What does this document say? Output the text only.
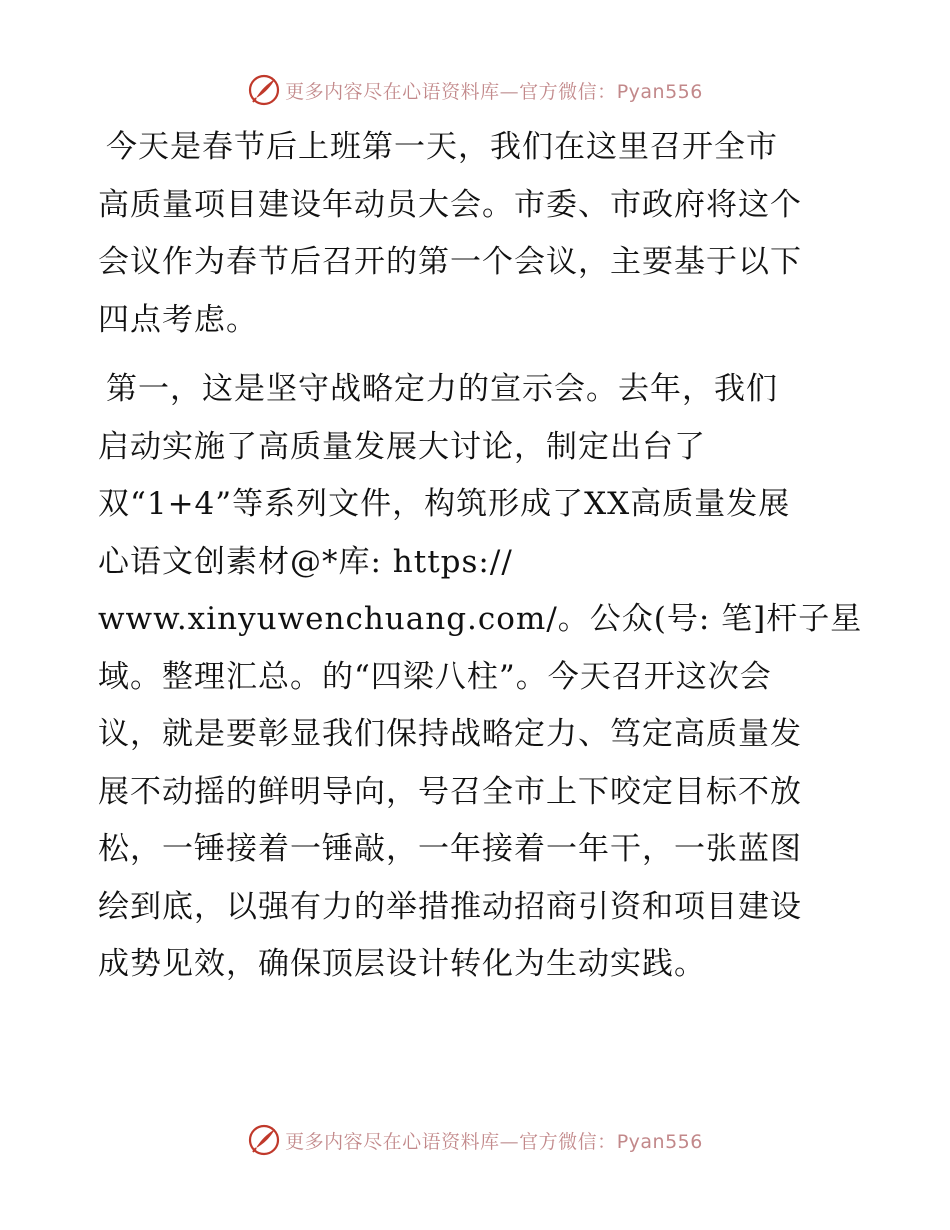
更多内容尽在心语资料库—官方微信：Pyan556

今天是春节后上班第一天，我们在这里召开全市
高质量项目建设年动员大会。市委、市政府将这个
会议作为春节后召开的第一个会议，主要基于以下
四点考虑。

第一，这是坚守战略定力的宣示会。去年，我们
启动实施了高质量发展大讨论，制定出台了
双“1+4”等系列文件，构筑形成了XX高质量发展
心语文创素材@*库: https://
www.xinyuwenchuang.com/。公众(号: 笔]杆子星
域。整理汇总。的“四梁八柱”。今天召开这次会
议，就是要彰显我们保持战略定力、笃定高质量发
展不动摇的鲜明导向，号召全市上下咬定目标不放
松，一锤接着一锤敲，一年接着一年干，一张蓝图
绘到底，以强有力的举措推动招商引资和项目建设
成势见效，确保顶层设计转化为生动实践。

更多内容尽在心语资料库—官方微信：Pyan556
